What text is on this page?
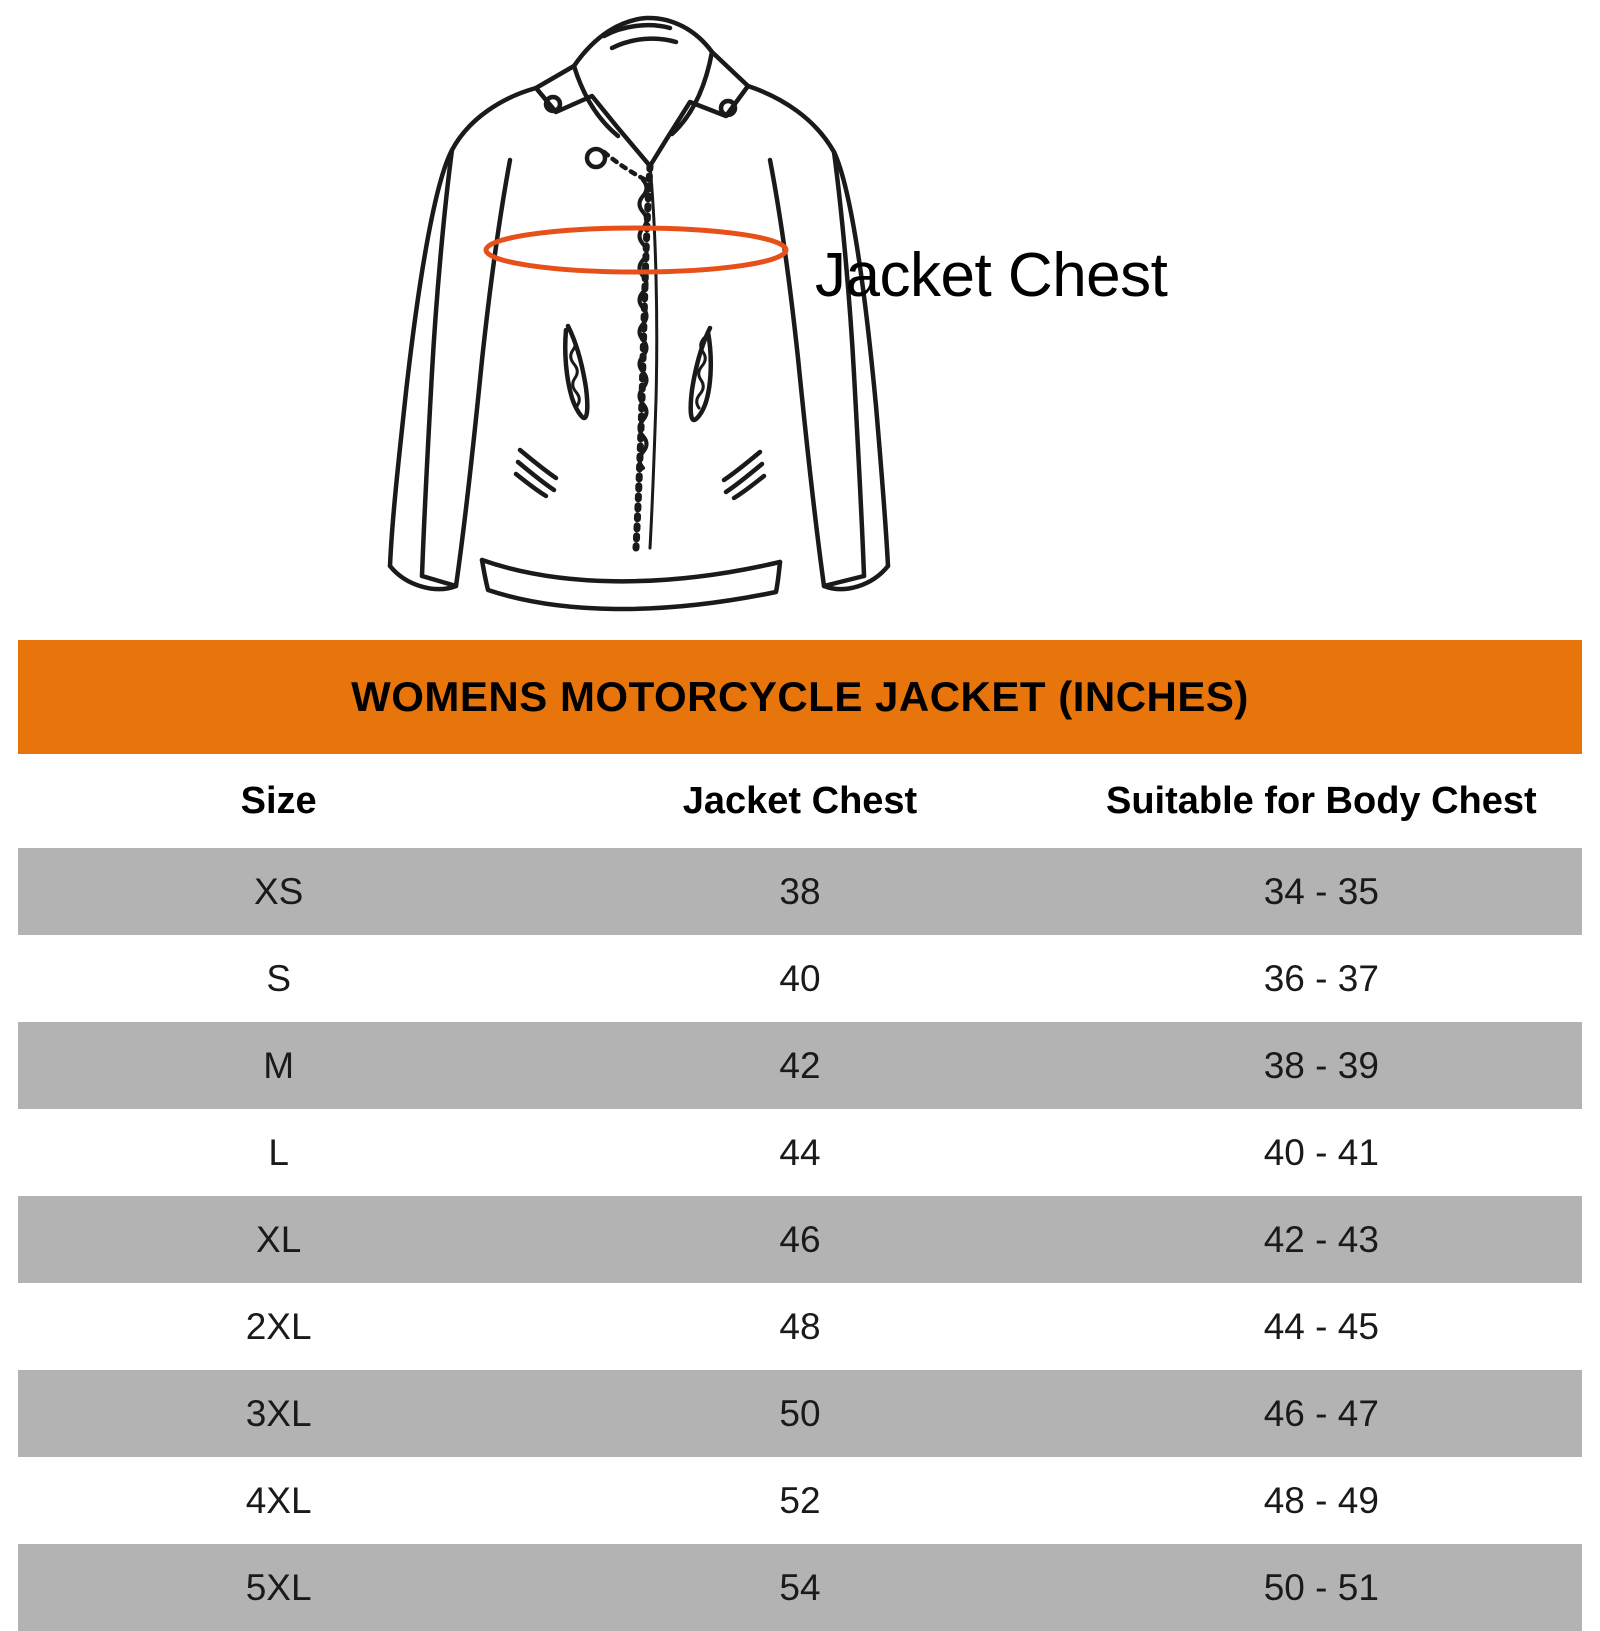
Jacket Chest
WOMENS MOTORCYCLE JACKET (INCHES)		
Size	Jacket Chest	Suitable for Body Chest
XS	38	34 - 35
S	40	36 - 37
M	42	38 - 39
L	44	40 - 41
XL	46	42 - 43
2XL	48	44 - 45
3XL	50	46 - 47
4XL	52	48 - 49
5XL	54	50 - 51
